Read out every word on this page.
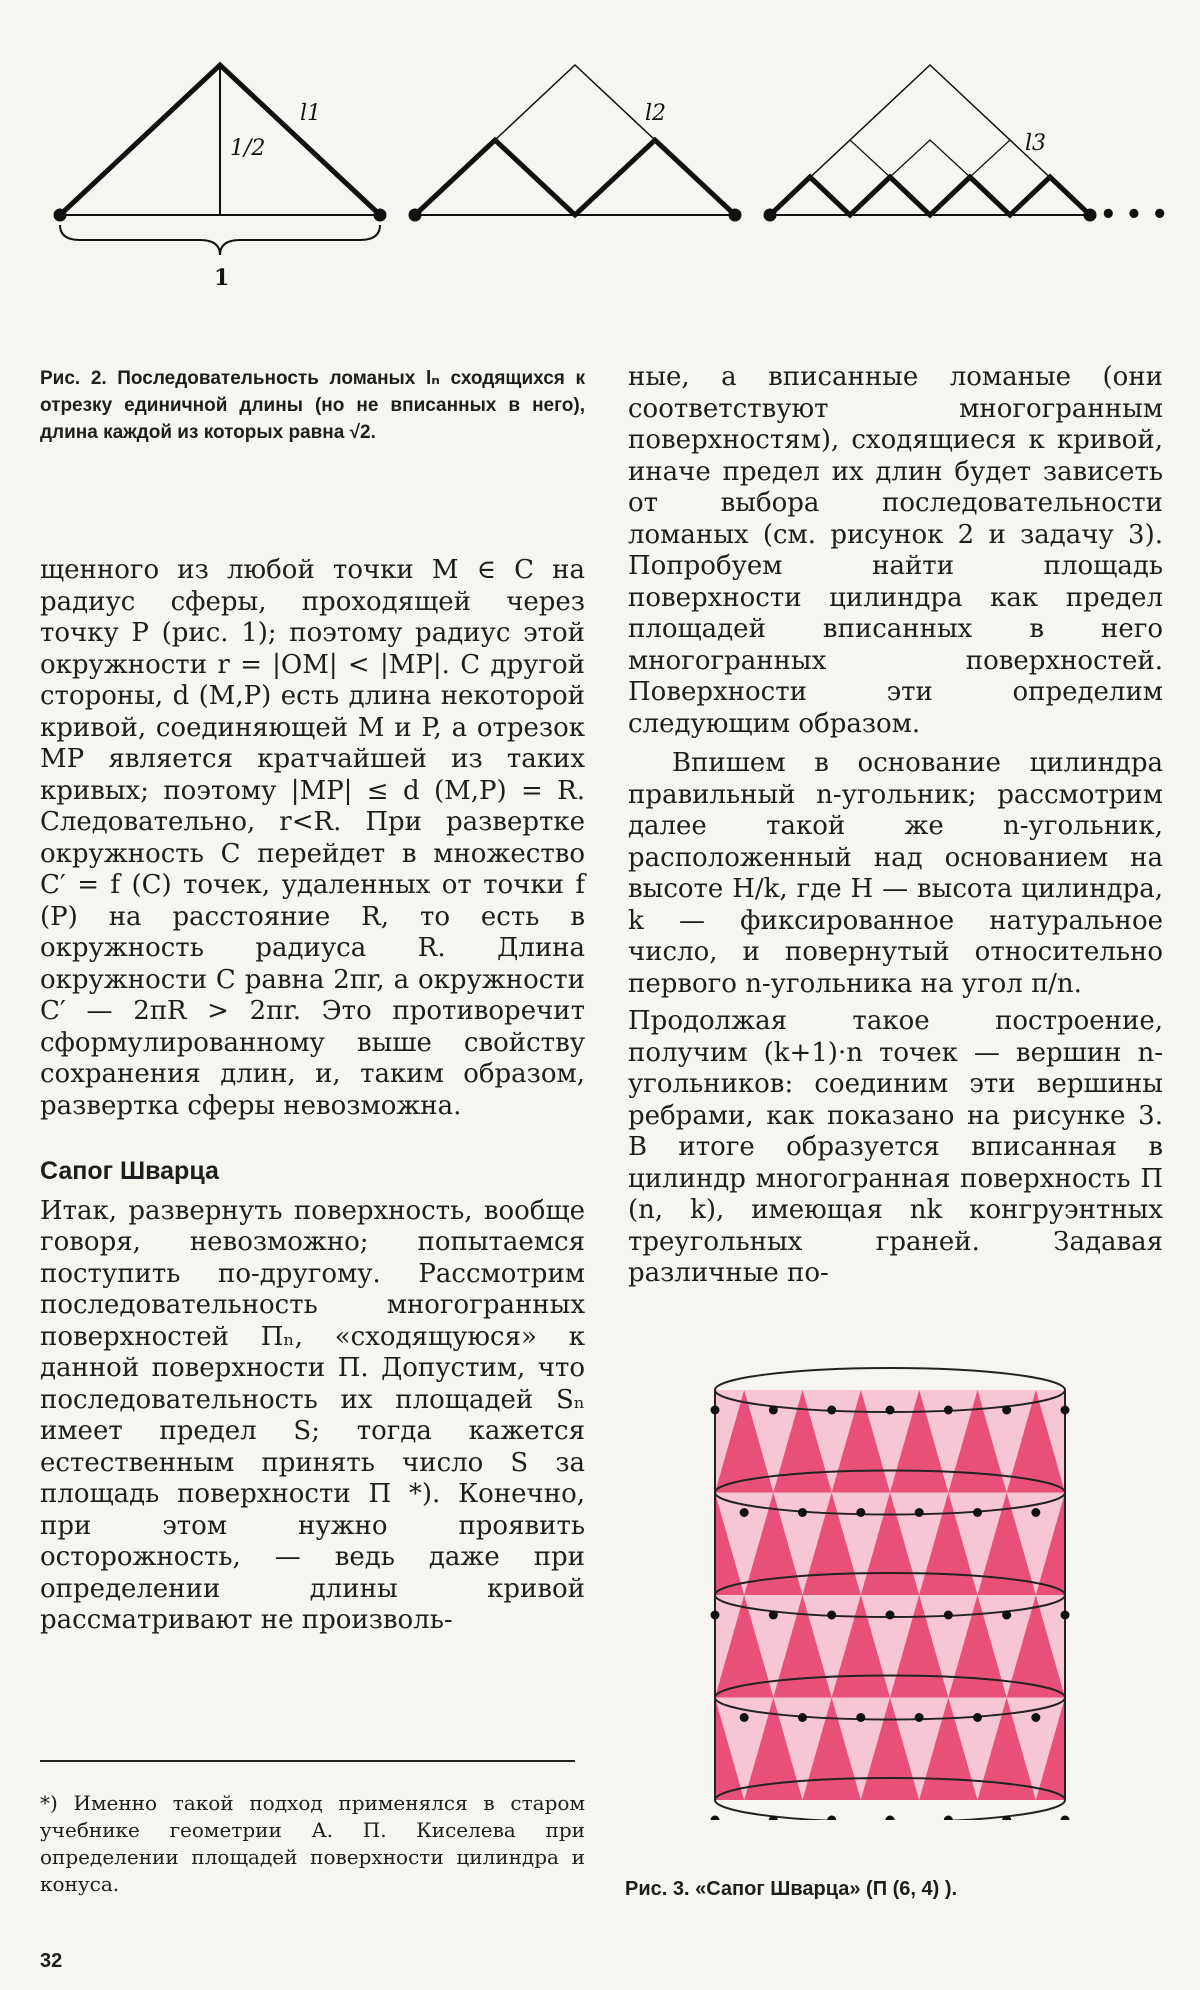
1/2
l1	l2
l3
1
• • •
Рис. 2. Последовательность ломаных lₙ сходящихся к отрезку единичной длины (но не вписанных в него), длина каждой из которых равна √2.

щенного из любой точки M ∈ C на радиус сферы, проходящей через точку P (рис. 1); поэтому радиус этой окружности r = |OM| < |MP|. С другой стороны, d (M,P) есть длина некоторой кривой, соединяющей M и P, а отрезок MP является кратчайшей из таких кривых; поэтому |MP| ≤ d (M,P) = R. Следовательно, r<R. При развертке окружность C перейдет в множество C′ = f (C) точек, удаленных от точки f (P) на расстояние R, то есть в окружность радиуса R. Длина окружности C равна 2πr, а окружности C′ — 2πR > 2πr. Это противоречит сформулированному выше свойству сохранения длин, и, таким образом, развертка сферы невозможна.

Сапог Шварца

Итак, развернуть поверхность, вообще говоря, невозможно; попытаемся поступить по-другому. Рассмотрим последовательность многогранных поверхностей Пₙ, «сходящуюся» к данной поверхности П. Допустим, что последовательность их площадей Sₙ имеет предел S; тогда кажется естественным принять число S за площадь поверхности П *). Конечно, при этом нужно проявить осторожность, — ведь даже при определении длины кривой рассматривают не произволь-

ные, а вписанные ломаные (они соответствуют многогранным поверхностям), сходящиеся к кривой, иначе предел их длин будет зависеть от выбора последовательности ломаных (см. рисунок 2 и задачу 3). Попробуем найти площадь поверхности цилиндра как предел площадей вписанных в него многогранных поверхностей. Поверхности эти определим следующим образом.

Впишем в основание цилиндра правильный n-угольник; рассмотрим далее такой же n-угольник, расположенный над основанием на высоте H/k, где H — высота цилиндра, k — фиксированное натуральное число, и повернутый относительно первого n-угольника на угол π/n.

Продолжая такое построение, получим (k+1)·n точек — вершин n-угольников: соединим эти вершины ребрами, как показано на рисунке 3. В итоге образуется вписанная в цилиндр многогранная поверхность П (n, k), имеющая nk конгруэнтных треугольных граней. Задавая различные по-

Рис. 3. «Сапог Шварца» (П (6, 4) ).
*) Именно такой подход применялся в старом учебнике геометрии А. П. Киселева при определении площадей поверхности цилиндра и конуса.
32
